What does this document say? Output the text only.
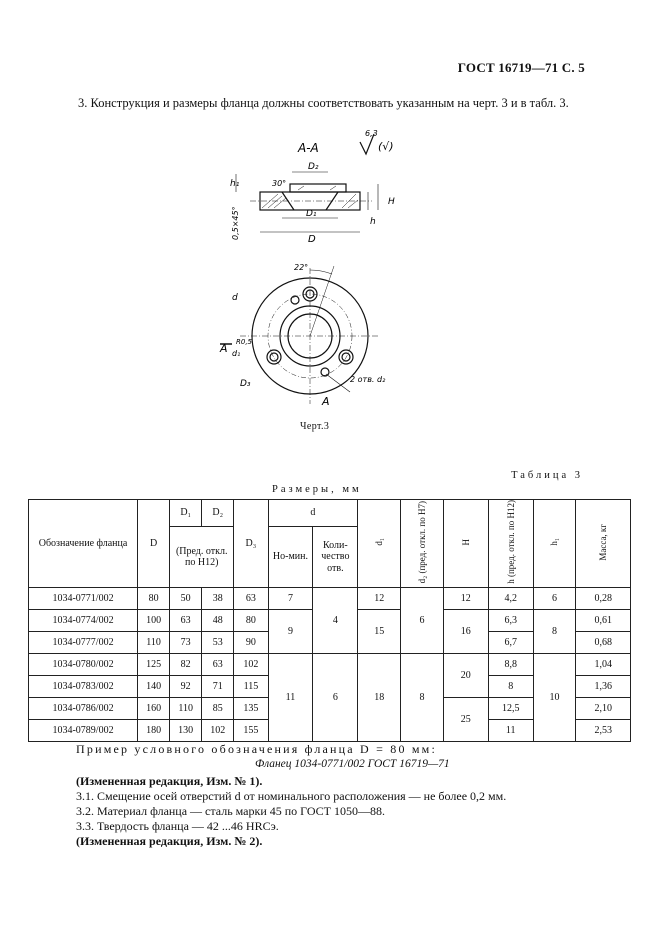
ГОСТ 16719—71 С. 5
3. Конструкция и размеры фланца должны соответствовать указанным на черт. 3 и в табл. 3.
А-А
6,3
(√)
D₂
30°
D₁
D
H
h
h₁
0,5×45°
22°
d
A R0,5
d₁
D₃	2 отв. d₂
A
Черт.3
Таблица 3
Размеры, мм
Обозначение фланца	D	D₁	D₂	D₃	d		d₁	d₂ (пред. откл. по H7)	H	h (пред. откл. по H12)	h₁	Масса, кг
		(Пред. откл. по H12)			Но-мин.	Коли-чество отв.						
1034-0771/002	80	50	38	63	7	4	12	6	12	4,2	6	0,28
1034-0774/002	100	63	48	80	9		15		16	6,3	8	0,61
1034-0777/002	110	73	53	90						6,7		0,68
1034-0780/002	125	82	63	102	11	6	18	8	20	8,8	10	1,04
1034-0783/002	140	92	71	115						8		1,36
1034-0786/002	160	110	85	135					25	12,5		2,10
1034-0789/002	180	130	102	155						11		2,53
Пример условного обозначения фланца D = 80 мм:
Фланец 1034-0771/002 ГОСТ 16719—71
(Измененная редакция, Изм. № 1).
3.1. Смещение осей отверстий d от номинального расположения — не более 0,2 мм.
3.2. Материал фланца — сталь марки 45 по ГОСТ 1050—88.
3.3. Твердость фланца — 42 ...46 HRCэ.
(Измененная редакция, Изм. № 2).
